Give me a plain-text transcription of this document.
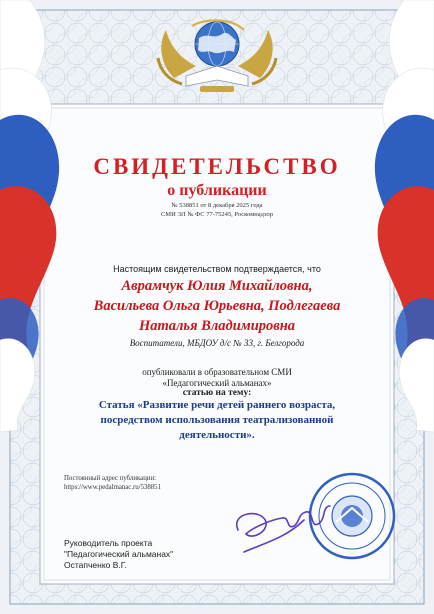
СВИДЕТЕЛЬСТВО

о публикации

№ 538851 от 8 декабря 2025 года

СМИ ЭЛ № ФС 77-75245, Роскомнадзор

Настоящим свидетельством подтверждается, что

Аврамчук Юлия Михайловна,
Васильева Ольга Юрьевна, Подлегаева
Наталья Владимировна

Воспитатели, МБДОУ д/с № 33, г. Белгорода

опубликовали в образовательном СМИ
«Педагогический альманах»

статью на тему:

Статья «Развитие речи детей раннего возраста,
посредством использования театрализованной
деятельности».
Постоянный адрес публикации:
https://www.pedalmanac.ru/538851
Руководитель проекта
"Педагогический альманах"
Остапченко В.Г.
